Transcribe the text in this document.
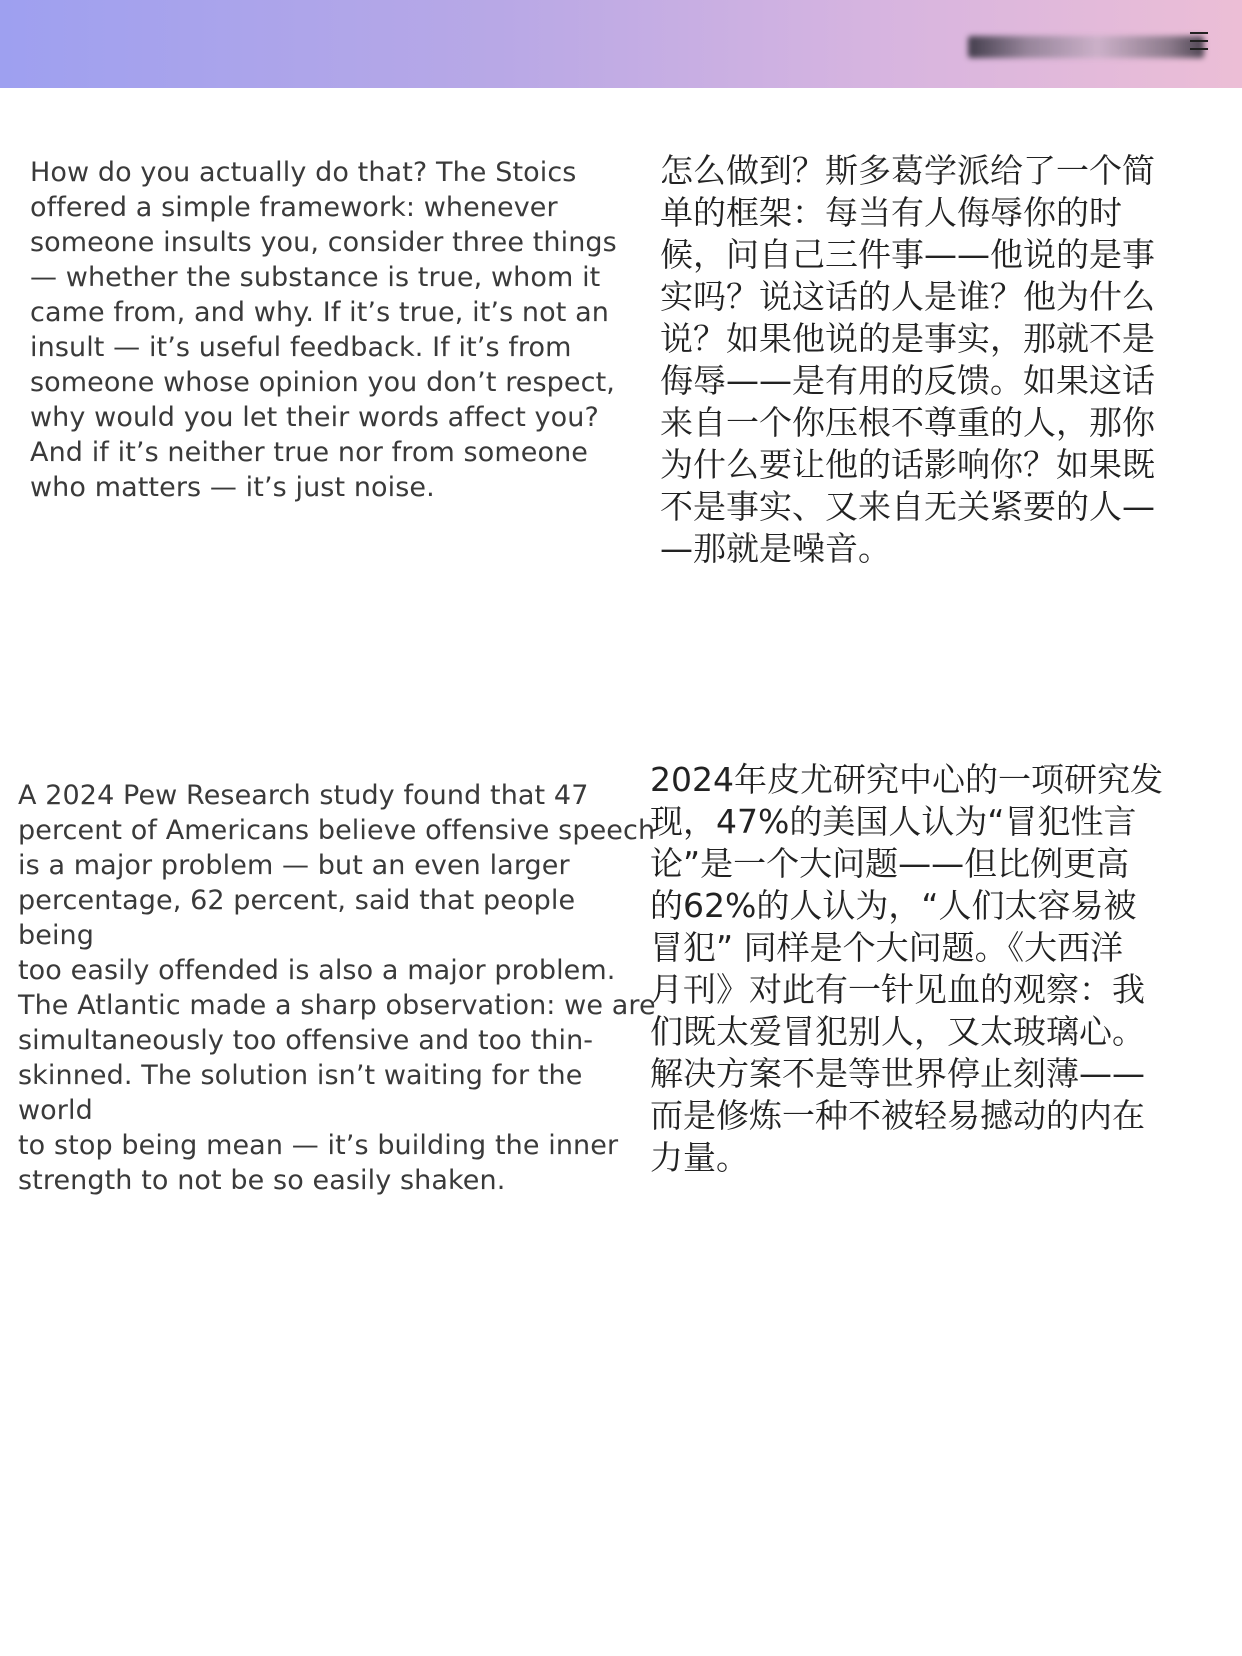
How do you actually do that? The Stoics
offered a simple framework: whenever
someone insults you, consider three things
— whether the substance is true, whom it
came from, and why. If it’s true, it’s not an
insult — it’s useful feedback. If it’s from
someone whose opinion you don’t respect,
why would you let their words affect you?
And if it’s neither true nor from someone
who matters — it’s just noise.

怎么做到？斯多葛学派给了一个简
单的框架：每当有人侮辱你的时
候，问自己三件事——他说的是事
实吗？说这话的人是谁？他为什么
说？如果他说的是事实，那就不是
侮辱——是有用的反馈。如果这话
来自一个你压根不尊重的人，那你
为什么要让他的话影响你？如果既
不是事实、又来自无关紧要的人—
—那就是噪音。

A 2024 Pew Research study found that 47
percent of Americans believe offensive speech
is a major problem — but an even larger
percentage, 62 percent, said that people being
too easily offended is also a major problem.
The Atlantic made a sharp observation: we are
simultaneously too offensive and too thin-
skinned. The solution isn’t waiting for the world
to stop being mean — it’s building the inner
strength to not be so easily shaken.

2024年皮尤研究中心的一项研究发
现，47%的美国人认为“冒犯性言
论”是一个大问题——但比例更高
的62%的人认为，“人们太容易被
冒犯” 同样是个大问题。《大西洋
月刊》对此有一针见血的观察：我
们既太爱冒犯别人，又太玻璃心。
解决方案不是等世界停止刻薄——
而是修炼一种不被轻易撼动的内在
力量。
